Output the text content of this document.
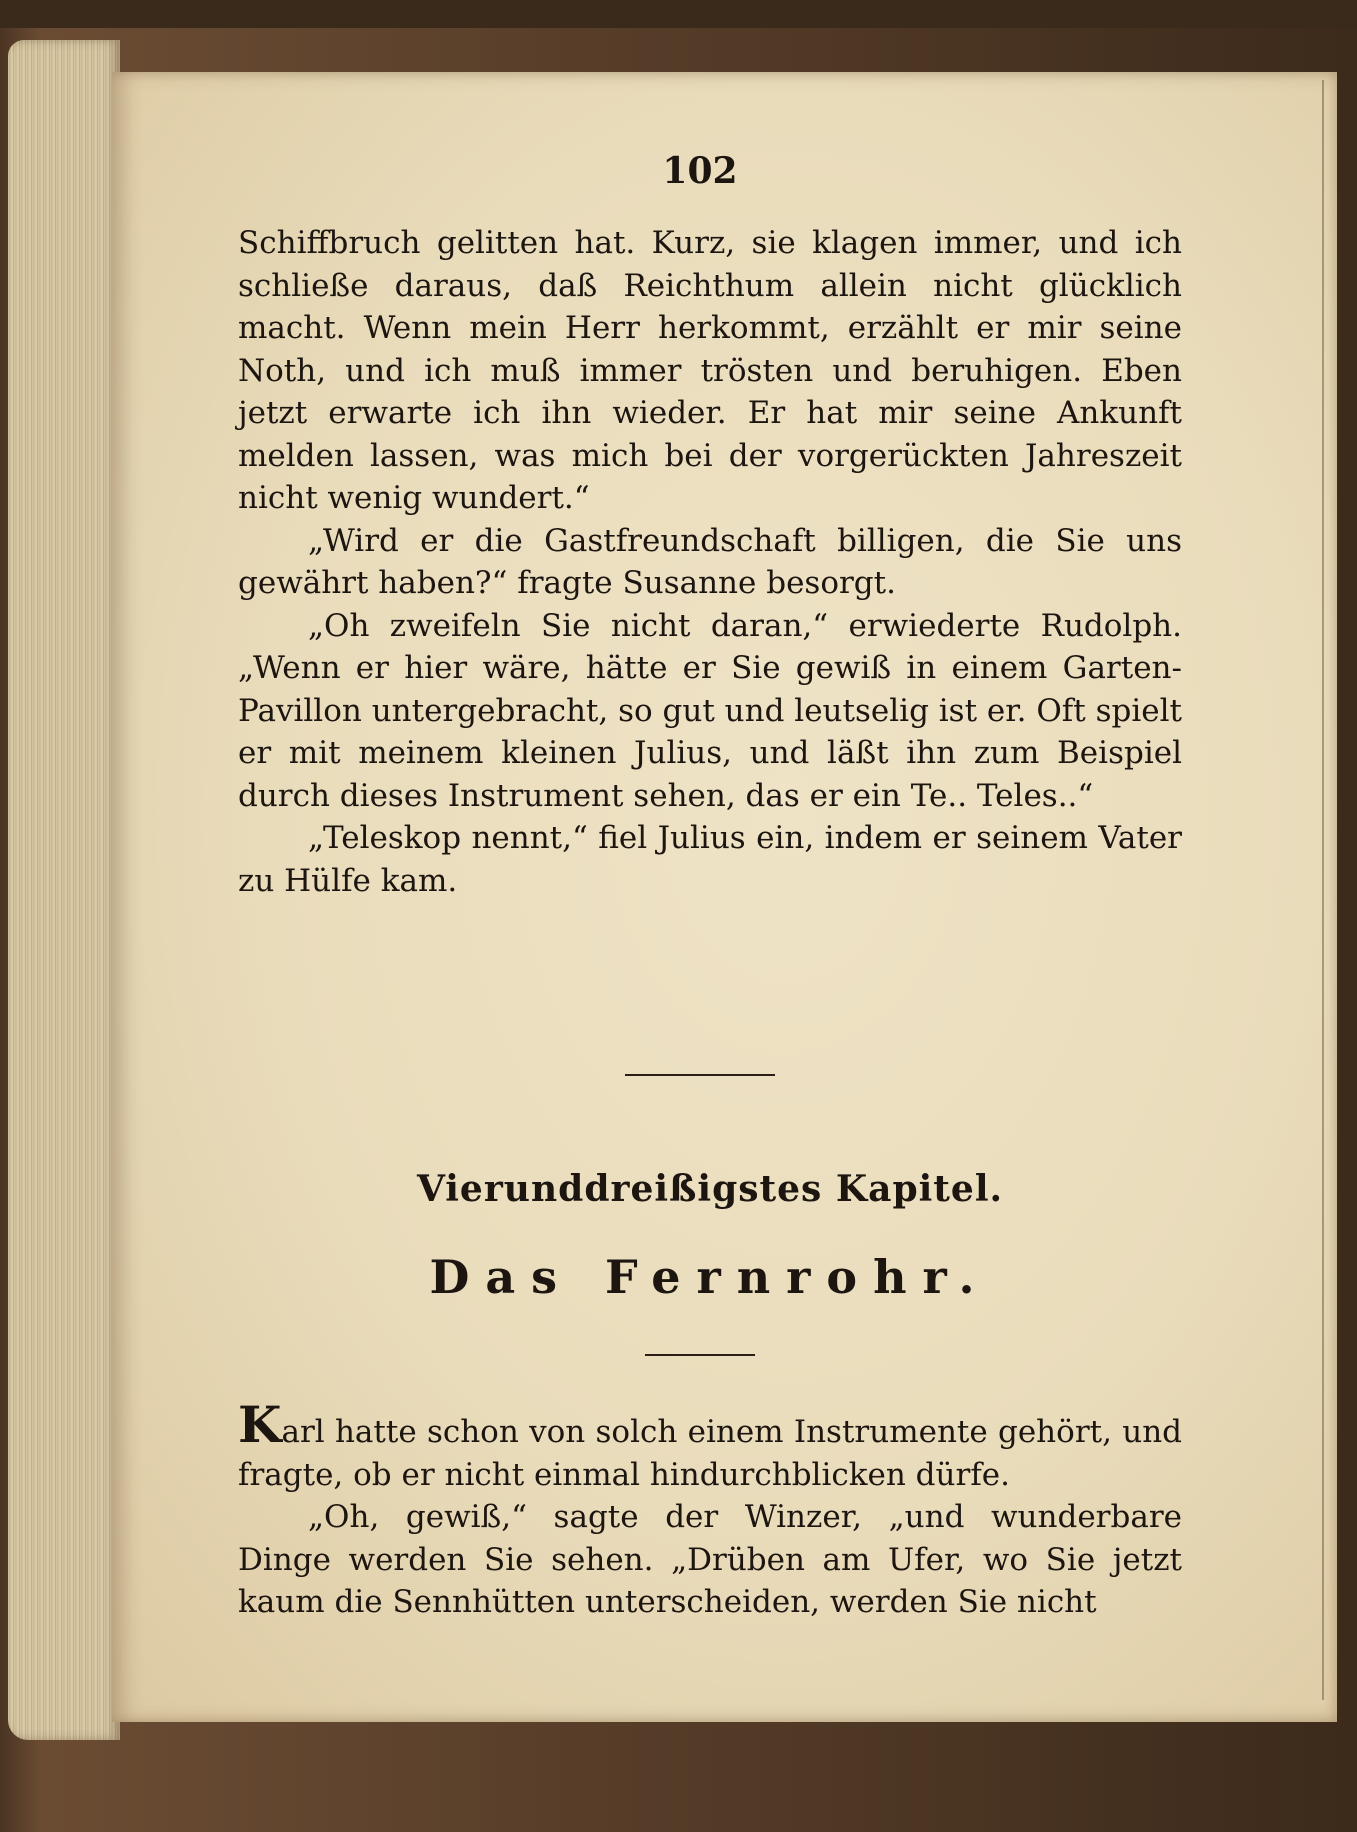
102

Schiffbruch gelitten hat. Kurz, sie klagen immer, und ich schließe daraus, daß Reichthum allein nicht glücklich macht. Wenn mein Herr herkommt, erzählt er mir seine Noth, und ich muß immer trösten und beruhigen. Eben jetzt erwarte ich ihn wieder. Er hat mir seine Ankunft melden lassen, was mich bei der vorgerückten Jahreszeit nicht wenig wundert.“

„Wird er die Gastfreundschaft billigen, die Sie uns gewährt haben?“ fragte Susanne besorgt.

„Oh zweifeln Sie nicht daran,“ erwiederte Rudolph. „Wenn er hier wäre, hätte er Sie gewiß in einem Garten-Pavillon untergebracht, so gut und leutselig ist er. Oft spielt er mit meinem kleinen Julius, und läßt ihn zum Beispiel durch dieses Instrument sehen, das er ein Te.. Teles..“

„Teleskop nennt,“ fiel Julius ein, indem er seinem Vater zu Hülfe kam.

Vierunddreißigstes Kapitel.
Das Fernrohr.

Karl hatte schon von solch einem Instrumente gehört, und fragte, ob er nicht einmal hindurchblicken dürfe.

„Oh, gewiß,“ sagte der Winzer, „und wunderbare Dinge werden Sie sehen. „Drüben am Ufer, wo Sie jetzt kaum die Sennhütten unterscheiden, werden Sie nicht
